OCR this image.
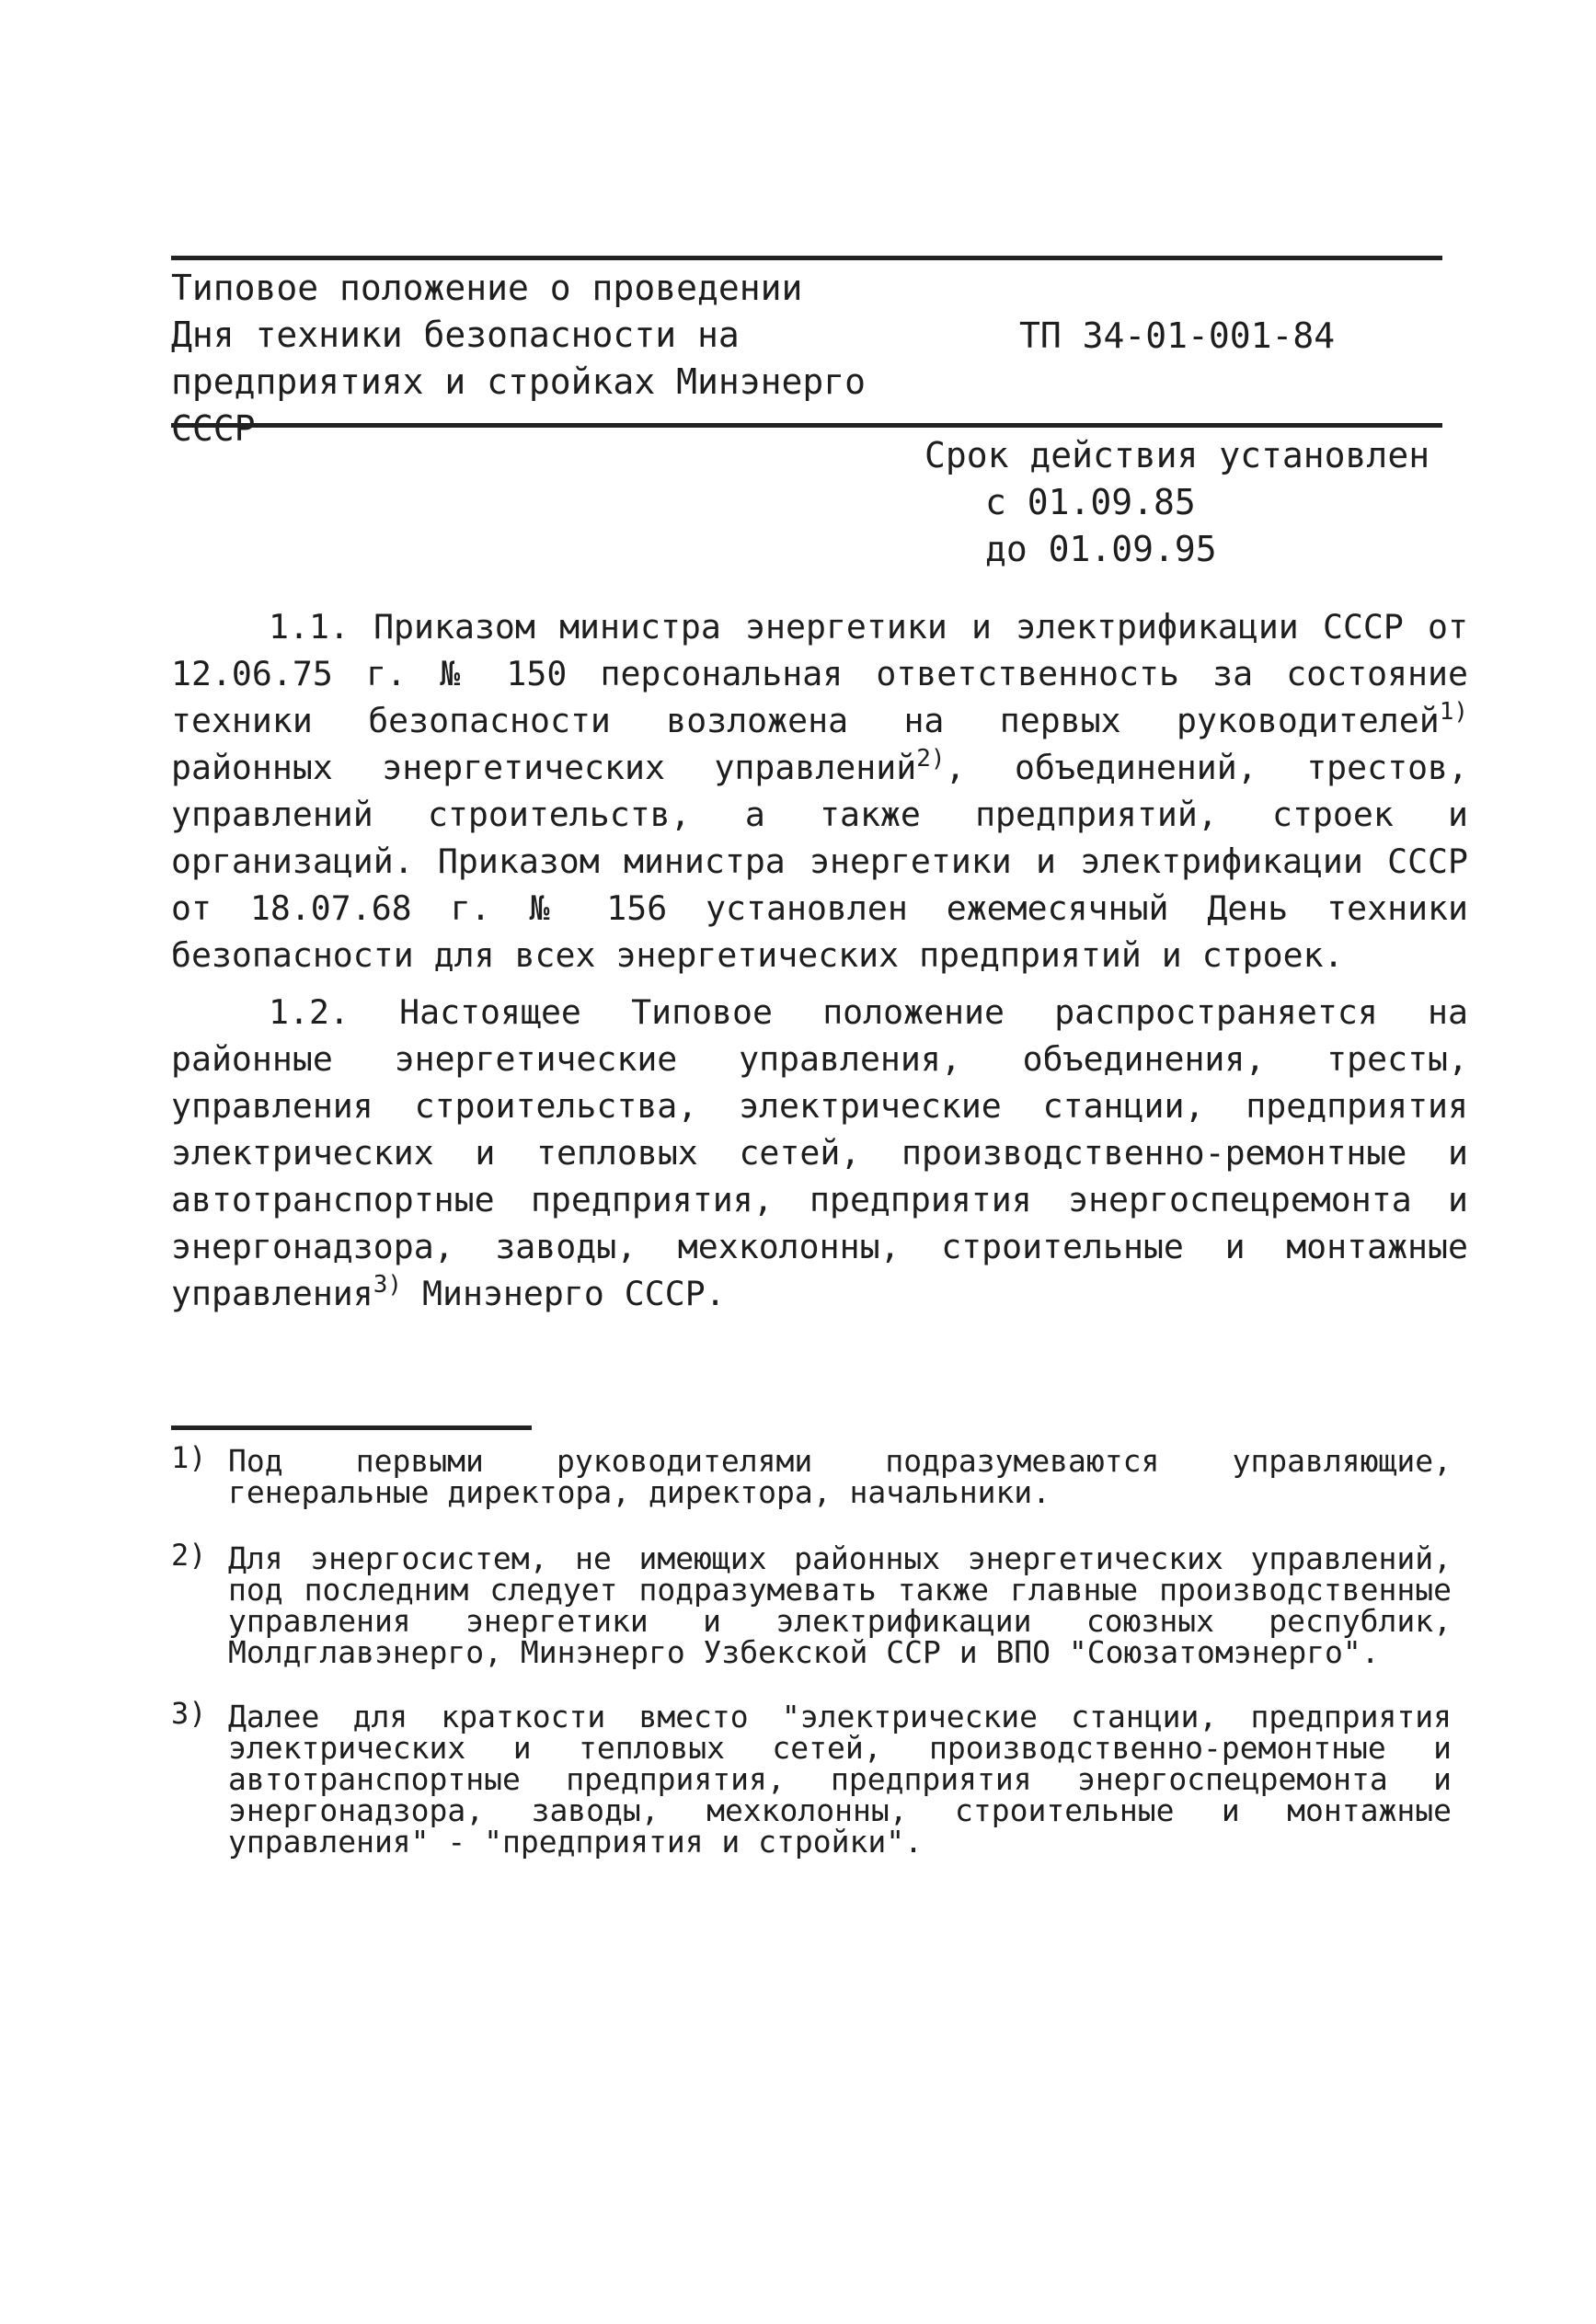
Типовое положение о проведении
Дня техники безопасности на
предприятиях и стройках Минэнерго СССР
ТП 34-01-001-84
Срок действия установлен
с 01.09.85
до 01.09.95
1.1. Приказом министра энергетики и электрификации СССР от 12.06.75 г. № 150 персональная ответственность за состояние техники безопасности возложена на первых руководителей$^{1)}$ районных энергетических управлений$^{2)}$, объединений, трестов, управлений строительств, а также предприятий, строек и организаций. Приказом министра энергетики и электрификации СССР от 18.07.68 г. № 156 установлен ежемесячный День техники безопасности для всех энергетических предприятий и строек.
1.2. Настоящее Типовое положение распространяется на районные энергетические управления, объединения, тресты, управления строительства, электрические станции, предприятия электрических и тепловых сетей, производственно-ремонтные и автотранспортные предприятия, предприятия энергоспецремонта и энергонадзора, заводы, мехколонны, строительные и монтажные управления$^{3)}$ Минэнерго СССР.
1) Под первыми руководителями подразумеваются управляющие, генеральные директора, директора, начальники.
2) Для энергосистем, не имеющих районных энергетических управлений, под последним следует подразумевать также главные производственные управления энергетики и электрификации союзных республик, Молдглавэнерго, Минэнерго Узбекской ССР и ВПО "Союзатомэнерго".
3) Далее для краткости вместо "электрические станции, предприятия электрических и тепловых сетей, производственно-ремонтные и автотранспортные предприятия, предприятия энергоспецремонта и энергонадзора, заводы, мехколонны, строительные и монтажные управления" - "предприятия и стройки".
